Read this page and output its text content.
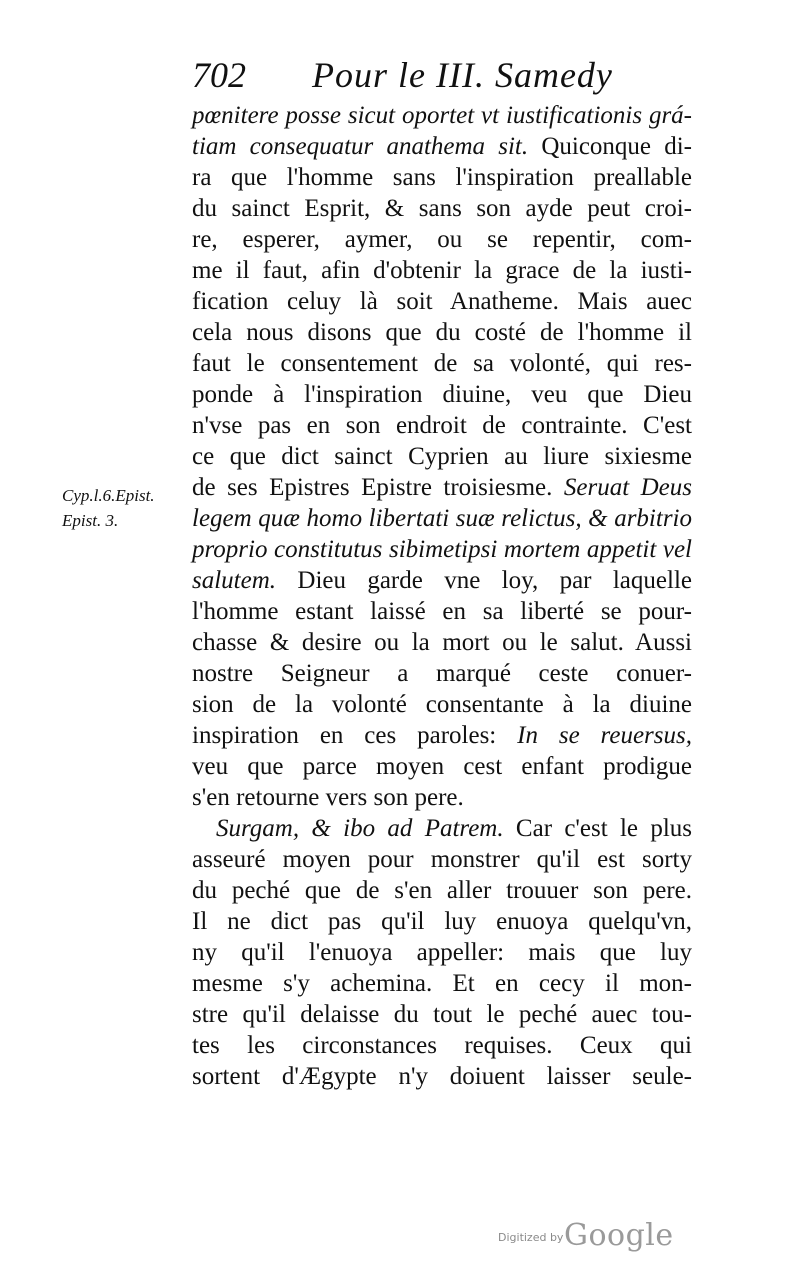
702 Pour le III. Samedy
Cyp.l.6.Epist.
Epist. 3.
pœnitere posse sicut oportet vt iustificationis grá-
tiam consequatur anathema sit. Quiconque di-
ra que l'homme sans l'inspiration preallable
du sainct Esprit, & sans son ayde peut croi-
re, esperer, aymer, ou se repentir, com-
me il faut, afin d'obtenir la grace de la iusti-
fication celuy là soit Anatheme. Mais auec
cela nous disons que du costé de l'homme il
faut le consentement de sa volonté, qui res-
ponde à l'inspiration diuine, veu que Dieu
n'vse pas en son endroit de contrainte. C'est
ce que dict sainct Cyprien au liure sixiesme
de ses Epistres Epistre troisiesme. Seruat Deus
legem quæ homo libertati suæ relictus, & arbitrio
proprio constitutus sibimetipsi mortem appetit vel
salutem. Dieu garde vne loy, par laquelle
l'homme estant laissé en sa liberté se pour-
chasse & desire ou la mort ou le salut. Aussi
nostre Seigneur a marqué ceste conuer-
sion de la volonté consentante à la diuine
inspiration en ces paroles: In se reuersus,
veu que parce moyen cest enfant prodigue
s'en retourne vers son pere.
Surgam, & ibo ad Patrem. Car c'est le plus
asseuré moyen pour monstrer qu'il est sorty
du peché que de s'en aller trouuer son pere.
Il ne dict pas qu'il luy enuoya quelqu'vn,
ny qu'il l'enuoya appeller: mais que luy
mesme s'y achemina. Et en cecy il mon-
stre qu'il delaisse du tout le peché auec tou-
tes les circonstances requises. Ceux qui
sortent d'Ægypte n'y doiuent laisser seule-
Digitized by Google
